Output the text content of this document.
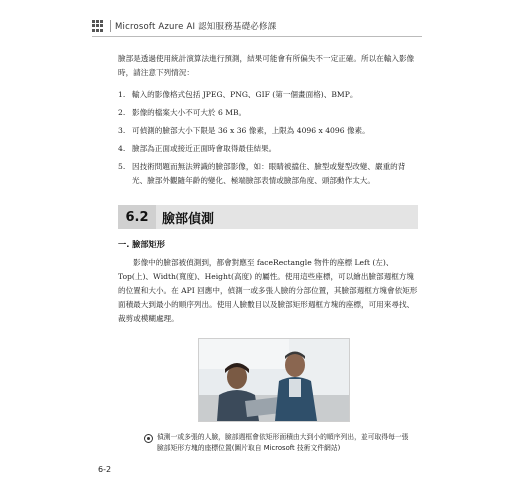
Microsoft Azure AI 認知服務基礎必修課

臉部是透過使用統計演算法進行預測，結果可能會有所偏失不一定正確。所以在輸入影像時，請注意下列情況：

1. 輸入的影像格式包括 JPEG、PNG、GIF (第一個畫面格)、BMP。
2. 影像的檔案大小不可大於 6 MB。
3. 可偵測的臉部大小下限是 36 x 36 像素，上限為 4096 x 4096 像素。
4. 臉部為正面或接近正面時會取得最佳結果。
5. 因技術問題而無法辨識的臉部影像，如：眼睛被擋住、臉型或髮型改變、嚴重的背光、臉部外觀隨年齡的變化、極端臉部表情或臉部角度、頭部動作太大。
6.2	臉部偵測
一. 臉部矩形

影像中的臉部被偵測到，都會對應至 faceRectangle 物件的座標 Left (左)、Top(上)、Width(寬度)、Height(高度) 的屬性。使用這些座標，可以繪出臉部週框方塊的位置和大小。在 API 回應中，偵測一或多張人臉的分部位置，其臉部週框方塊會依矩形面積最大到最小的順序列出。使用人臉數目以及臉部矩形週框方塊的座標，可用來尋找、裁剪或模糊處理。

偵測一或多張的人臉，臉部週框會依矩形面積由大到小的順序列出，並可取得每一張臉部矩形方塊的座標位置(圖片取自 Microsoft 技術文件網站)
6-2
